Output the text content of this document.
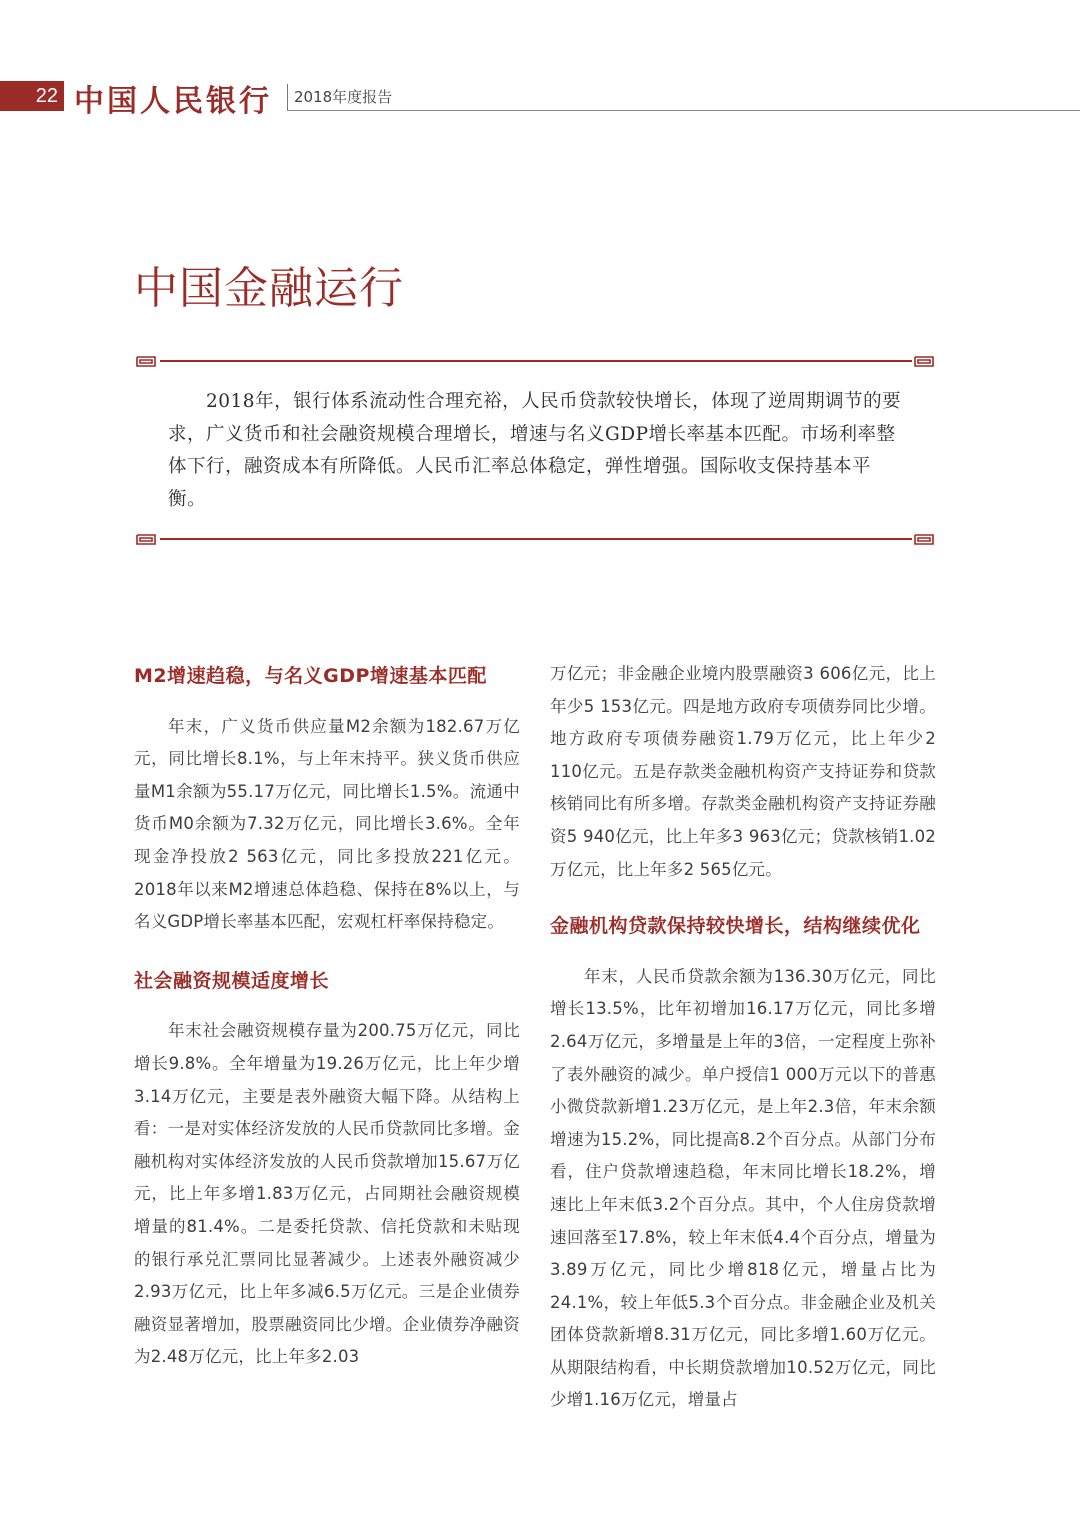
22 中国人民银行 2018年度报告
中国金融运行

2018年，银行体系流动性合理充裕，人民币贷款较快增长，体现了逆周期调节的要求，广义货币和社会融资规模合理增长，增速与名义GDP增长率基本匹配。市场利率整体下行，融资成本有所降低。人民币汇率总体稳定，弹性增强。国际收支保持基本平衡。

M2增速趋稳，与名义GDP增速基本匹配

年末，广义货币供应量M2余额为182.67万亿元，同比增长8.1%，与上年末持平。狭义货币供应量M1余额为55.17万亿元，同比增长1.5%。流通中货币M0余额为7.32万亿元，同比增长3.6%。全年现金净投放2 563亿元，同比多投放221亿元。2018年以来M2增速总体趋稳、保持在8%以上，与名义GDP增长率基本匹配，宏观杠杆率保持稳定。

社会融资规模适度增长

年末社会融资规模存量为200.75万亿元，同比增长9.8%。全年增量为19.26万亿元，比上年少增3.14万亿元，主要是表外融资大幅下降。从结构上看：一是对实体经济发放的人民币贷款同比多增。金融机构对实体经济发放的人民币贷款增加15.67万亿元，比上年多增1.83万亿元，占同期社会融资规模增量的81.4%。二是委托贷款、信托贷款和未贴现的银行承兑汇票同比显著减少。上述表外融资减少2.93万亿元，比上年多减6.5万亿元。三是企业债券融资显著增加，股票融资同比少增。企业债券净融资为2.48万亿元，比上年多2.03

万亿元；非金融企业境内股票融资3 606亿元，比上年少5 153亿元。四是地方政府专项债券同比少增。地方政府专项债券融资1.79万亿元，比上年少2 110亿元。五是存款类金融机构资产支持证券和贷款核销同比有所多增。存款类金融机构资产支持证券融资5 940亿元，比上年多3 963亿元；贷款核销1.02万亿元，比上年多2 565亿元。

金融机构贷款保持较快增长，结构继续优化

年末，人民币贷款余额为136.30万亿元，同比增长13.5%，比年初增加16.17万亿元，同比多增2.64万亿元，多增量是上年的3倍，一定程度上弥补了表外融资的减少。单户授信1 000万元以下的普惠小微贷款新增1.23万亿元，是上年2.3倍，年末余额增速为15.2%，同比提高8.2个百分点。从部门分布看，住户贷款增速趋稳，年末同比增长18.2%，增速比上年末低3.2个百分点。其中，个人住房贷款增速回落至17.8%，较上年末低4.4个百分点，增量为3.89万亿元，同比少增818亿元，增量占比为24.1%，较上年低5.3个百分点。非金融企业及机关团体贷款新增8.31万亿元，同比多增1.60万亿元。从期限结构看，中长期贷款增加10.52万亿元，同比少增1.16万亿元，增量占
